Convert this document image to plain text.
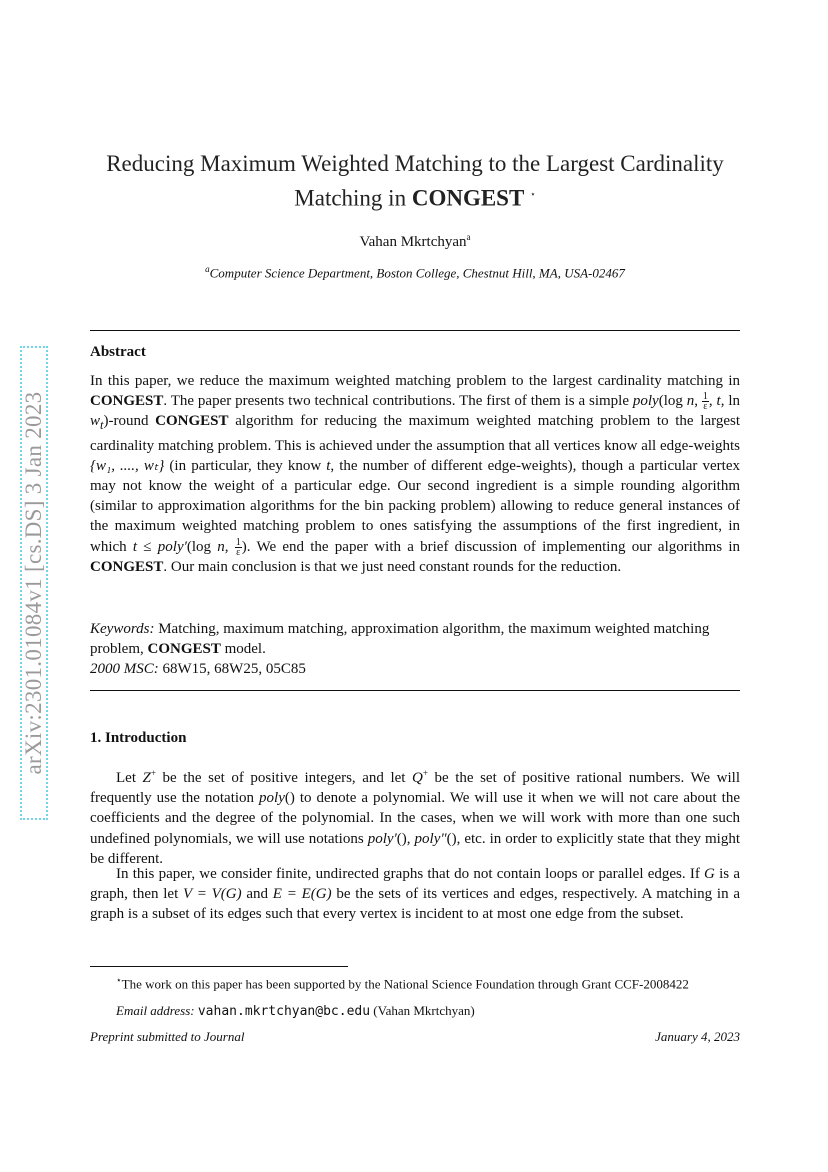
arXiv:2301.01084v1 [cs.DS] 3 Jan 2023
Reducing Maximum Weighted Matching to the Largest Cardinality
Matching in CONGEST ⋆
Vahan Mkrtchyan$^a$
$^a$Computer Science Department, Boston College, Chestnut Hill, MA, USA-02467
Abstract
In this paper, we reduce the maximum weighted matching problem to the largest cardinality matching in CONGEST. The paper presents two technical contributions. The first of them is a simple poly(log n, $\frac{1}{\varepsilon}$ , t, $\ln w_t$)-round CONGEST algorithm for reducing the maximum weighted matching problem to the largest cardinality matching problem. This is achieved under the assumption that all vertices know all edge-weights {w₁, ...., wₜ} (in particular, they know t, the number of different edge-weights), though a particular vertex may not know the weight of a particular edge. Our second ingredient is a simple rounding algorithm (similar to approximation algorithms for the bin packing problem) allowing to reduce general instances of the maximum weighted matching problem to ones satisfying the assumptions of the first ingredient, in which t ≤ poly′(log n, $\frac{1}{\varepsilon}$ ). We end the paper with a brief discussion of implementing our algorithms in CONGEST. Our main conclusion is that we just need constant rounds for the reduction.
Keywords: Matching, maximum matching, approximation algorithm, the maximum weighted matching problem, CONGEST model.
2000 MSC: 68W15, 68W25, 05C85
1. Introduction
Let Z+ be the set of positive integers, and let Q+ be the set of positive rational numbers. We will frequently use the notation poly() to denote a polynomial. We will use it when we will not care about the coefficients and the degree of the polynomial. In the cases, when we will work with more than one such undefined polynomials, we will use notations poly′(), poly″(), etc. in order to explicitly state that they might be different.
In this paper, we consider finite, undirected graphs that do not contain loops or parallel edges. If G is a graph, then let V = V(G) and E = E(G) be the sets of its vertices and edges, respectively. A matching in a graph is a subset of its edges such that every vertex is incident to at most one edge from the subset.
⋆The work on this paper has been supported by the National Science Foundation through Grant CCF-2008422
Email address: vahan.mkrtchyan@bc.edu (Vahan Mkrtchyan)
Preprint submitted to Journal	January 4, 2023
